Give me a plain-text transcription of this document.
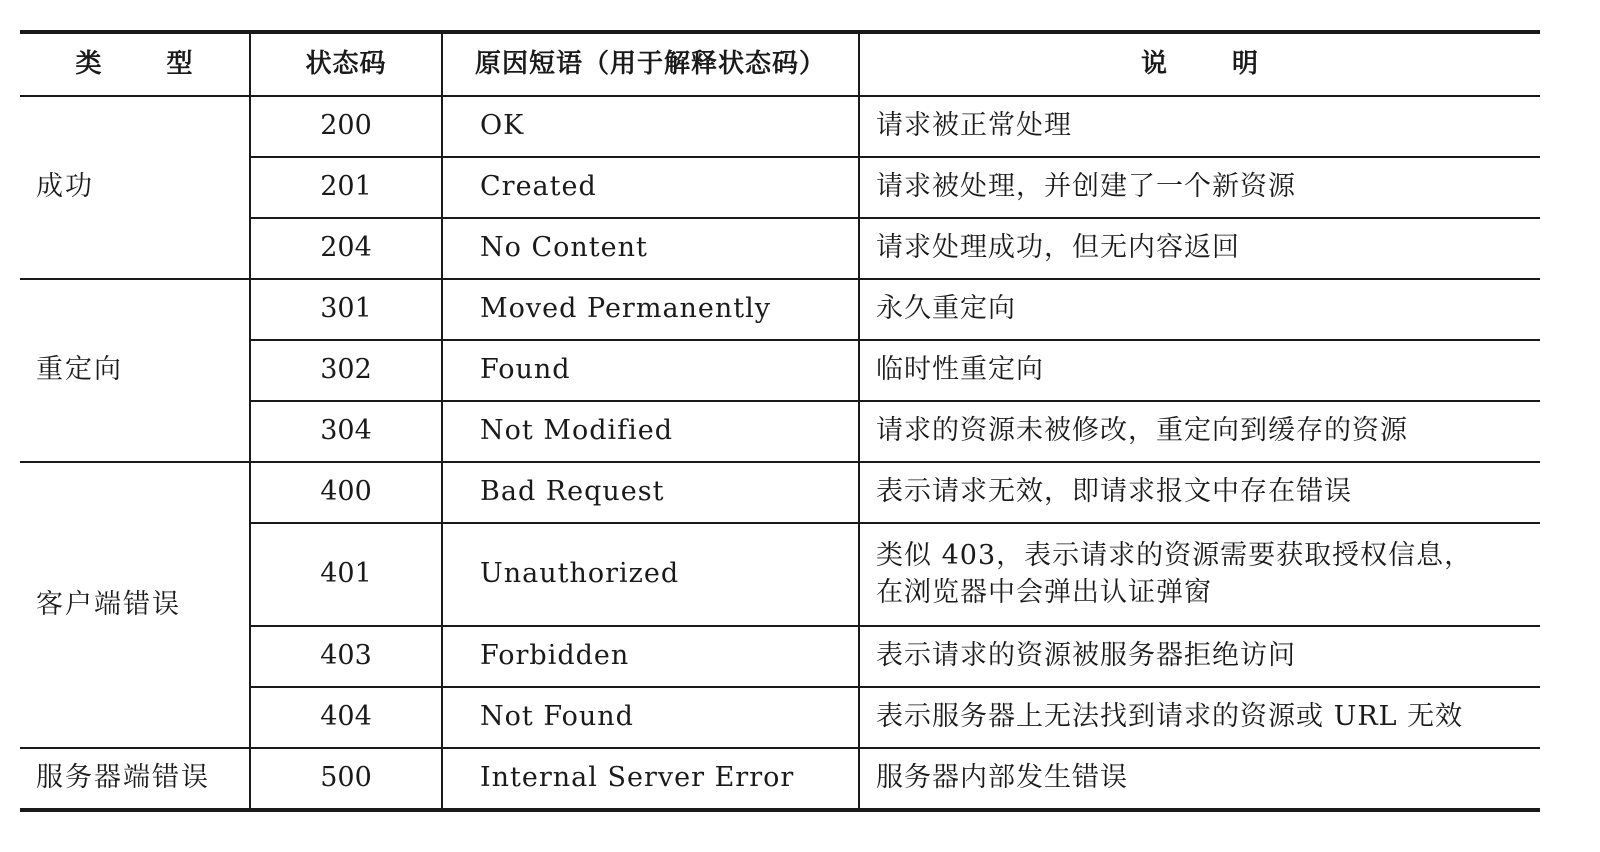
类 型	状态码	原因短语（用于解释状态码）	说 明
成功	200	OK	请求被正常处理

	201	Created	请求被处理，并创建了一个新资源

	204	No Content	请求处理成功，但无内容返回

重定向	301	Moved Permanently	永久重定向

	302	Found	临时性重定向

	304	Not Modified	请求的资源未被修改，重定向到缓存的资源

客户端错误	400	Bad Request	表示请求无效，即请求报文中存在错误

	401	Unauthorized	类似 403，表示请求的资源需要获取授权信息，
在浏览器中会弹出认证弹窗

	403	Forbidden	表示请求的资源被服务器拒绝访问

	404	Not Found	表示服务器上无法找到请求的资源或 URL 无效

服务器端错误	500	Internal Server Error	服务器内部发生错误
